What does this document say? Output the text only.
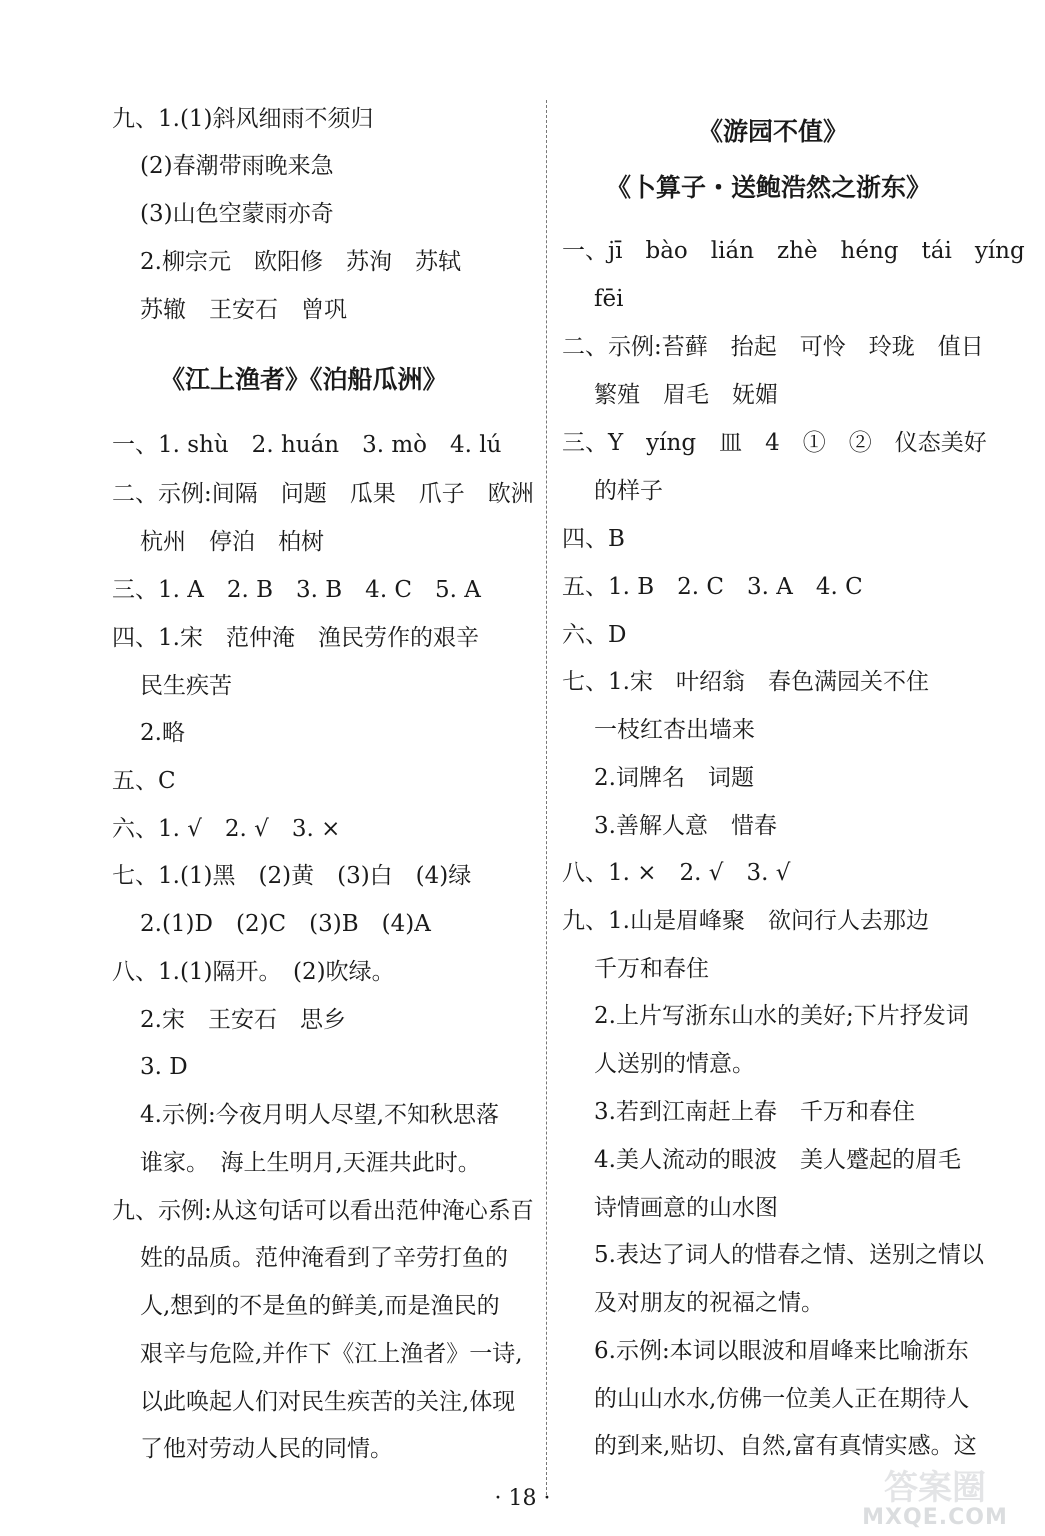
九、1.(1)斜风细雨不须归
(2)春潮带雨晚来急
(3)山色空蒙雨亦奇
2.柳宗元　欧阳修　苏洵　苏轼
苏辙　王安石　曾巩
《江上渔者》《泊船瓜洲》
一、1. shù　2. huán　3. mò　4. lú
二、示例:间隔　问题　瓜果　爪子　欧洲
杭州　停泊　柏树
三、1. A　2. B　3. B　4. C　5. A
四、1.宋　范仲淹　渔民劳作的艰辛
民生疾苦
2.略
五、C
六、1. √　2. √　3. ×
七、1.(1)黑　(2)黄　(3)白　(4)绿
2.(1)D　(2)C　(3)B　(4)A
八、1.(1)隔开。　(2)吹绿。
2.宋　王安石　思乡
3. D
4.示例:今夜月明人尽望,不知秋思落
谁家。　海上生明月,天涯共此时。
九、示例:从这句话可以看出范仲淹心系百
姓的品质。范仲淹看到了辛劳打鱼的
人,想到的不是鱼的鲜美,而是渔民的
艰辛与危险,并作下《江上渔者》一诗,
以此唤起人们对民生疾苦的关注,体现
了他对劳动人民的同情。
《游园不值》
《卜算子・送鲍浩然之浙东》
一、jī　bào　lián　zhè　héng　tái　yíng
fēi
二、示例:苔藓　抬起　可怜　玲珑　值日
繁殖　眉毛　妩媚
三、Y　yíng　皿　4　①　②　仪态美好
的样子
四、B
五、1. B　2. C　3. A　4. C
六、D
七、1.宋　叶绍翁　春色满园关不住
一枝红杏出墙来
2.词牌名　词题
3.善解人意　惜春
八、1. ×　2. √　3. √
九、1.山是眉峰聚　欲问行人去那边
千万和春住
2.上片写浙东山水的美好;下片抒发词
人送别的情意。
3.若到江南赶上春　千万和春住
4.美人流动的眼波　美人蹙起的眉毛
诗情画意的山水图
5.表达了词人的惜春之情、送别之情以
及对朋友的祝福之情。
6.示例:本词以眼波和眉峰来比喻浙东
的山山水水,仿佛一位美人正在期待人
的到来,贴切、自然,富有真情实感。这
· 18 ·	答案圈
MXQE.COM
